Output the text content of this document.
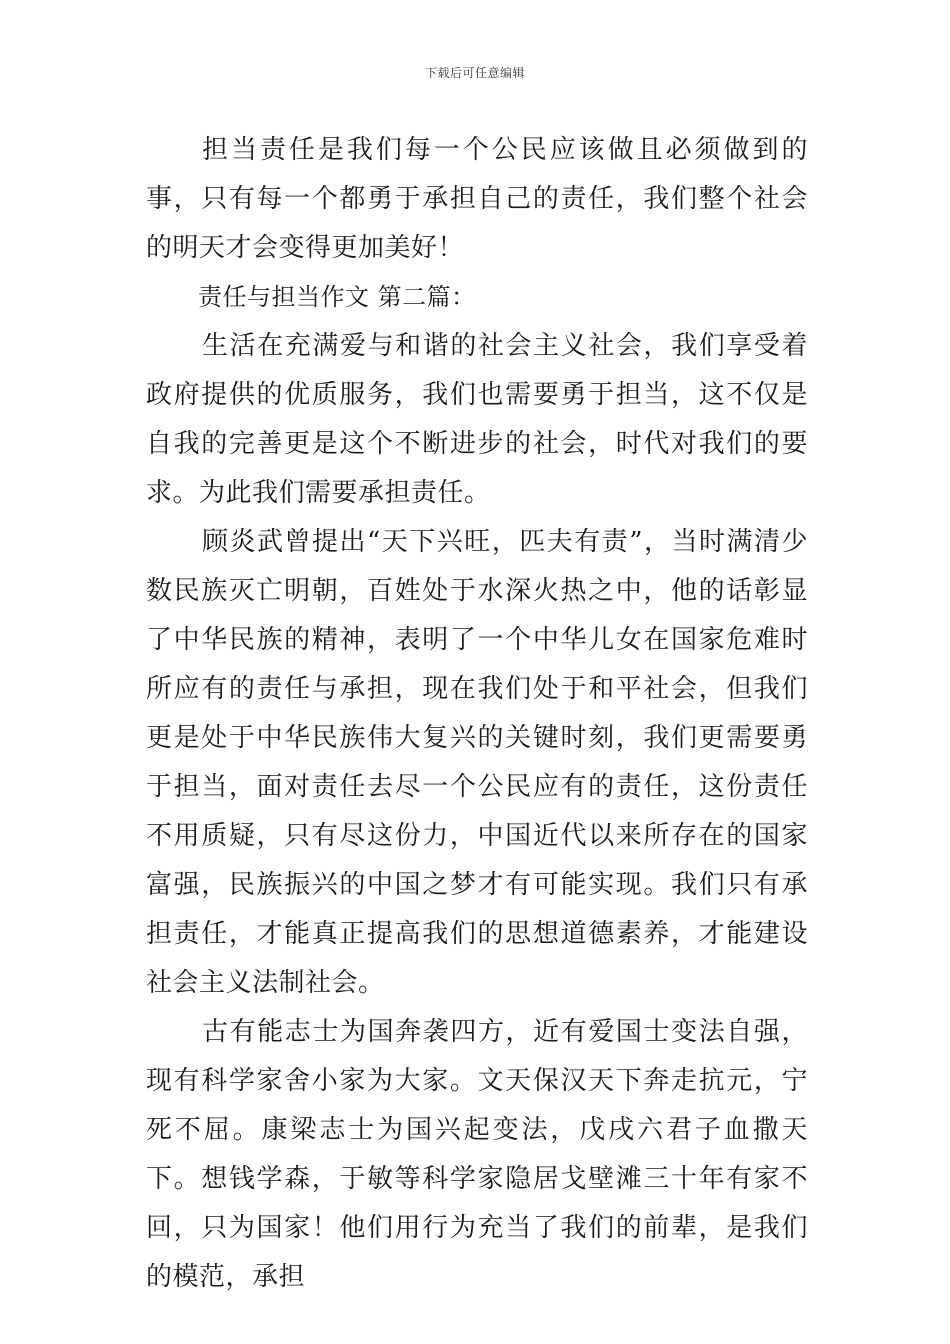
下载后可任意编辑

担当责任是我们每一个公民应该做且必须做到的事，只有每一个都勇于承担自己的责任，我们整个社会的明天才会变得更加美好！

责任与担当作文 第二篇：

生活在充满爱与和谐的社会主义社会，我们享受着政府提供的优质服务，我们也需要勇于担当，这不仅是自我的完善更是这个不断进步的社会，时代对我们的要求。为此我们需要承担责任。

顾炎武曾提出“天下兴旺，匹夫有责”，当时满清少数民族灭亡明朝，百姓处于水深火热之中，他的话彰显了中华民族的精神，表明了一个中华儿女在国家危难时所应有的责任与承担，现在我们处于和平社会，但我们更是处于中华民族伟大复兴的关键时刻，我们更需要勇于担当，面对责任去尽一个公民应有的责任，这份责任不用质疑，只有尽这份力，中国近代以来所存在的国家富强，民族振兴的中国之梦才有可能实现。我们只有承担责任，才能真正提高我们的思想道德素养，才能建设社会主义法制社会。

古有能志士为国奔袭四方，近有爱国士变法自强，现有科学家舍小家为大家。文天保汉天下奔走抗元，宁死不屈。康梁志士为国兴起变法，戊戌六君子血撒天下。想钱学森，于敏等科学家隐居戈壁滩三十年有家不回，只为国家！他们用行为充当了我们的前辈，是我们的模范，承担
